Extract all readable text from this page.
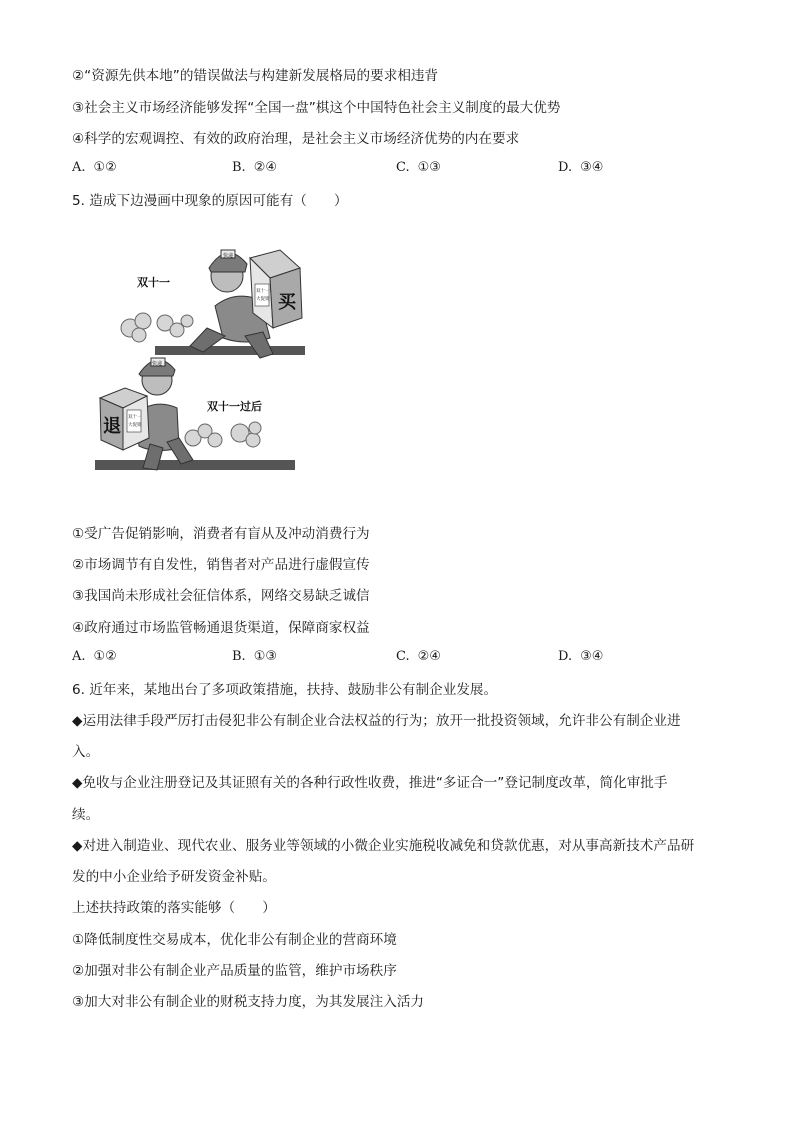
②“资源先供本地”的错误做法与构建新发展格局的要求相违背
③社会主义市场经济能够发挥“全国一盘”棋这个中国特色社会主义制度的最大优势
④科学的宏观调控、有效的政府治理，是社会主义市场经济优势的内在要求
A. ①②	B. ②④	C. ①③	D. ③④
5. 造成下边漫画中现象的原因可能有（　　）
双十一
买
快递
双十一
大促销
退
快递
双十一
大促销
双十一过后
①受广告促销影响，消费者有盲从及冲动消费行为
②市场调节有自发性，销售者对产品进行虚假宣传
③我国尚未形成社会征信体系，网络交易缺乏诚信
④政府通过市场监管畅通退货渠道，保障商家权益
A. ①②	B. ①③	C. ②④	D. ③④
6. 近年来，某地出台了多项政策措施，扶持、鼓励非公有制企业发展。
◆运用法律手段严厉打击侵犯非公有制企业合法权益的行为；放开一批投资领域，允许非公有制企业进
入。
◆免收与企业注册登记及其证照有关的各种行政性收费，推进“多证合一”登记制度改革，简化审批手
续。
◆对进入制造业、现代农业、服务业等领域的小微企业实施税收减免和贷款优惠，对从事高新技术产品研
发的中小企业给予研发资金补贴。
上述扶持政策的落实能够（　　）
①降低制度性交易成本，优化非公有制企业的营商环境
②加强对非公有制企业产品质量的监管，维护市场秩序
③加大对非公有制企业的财税支持力度，为其发展注入活力
